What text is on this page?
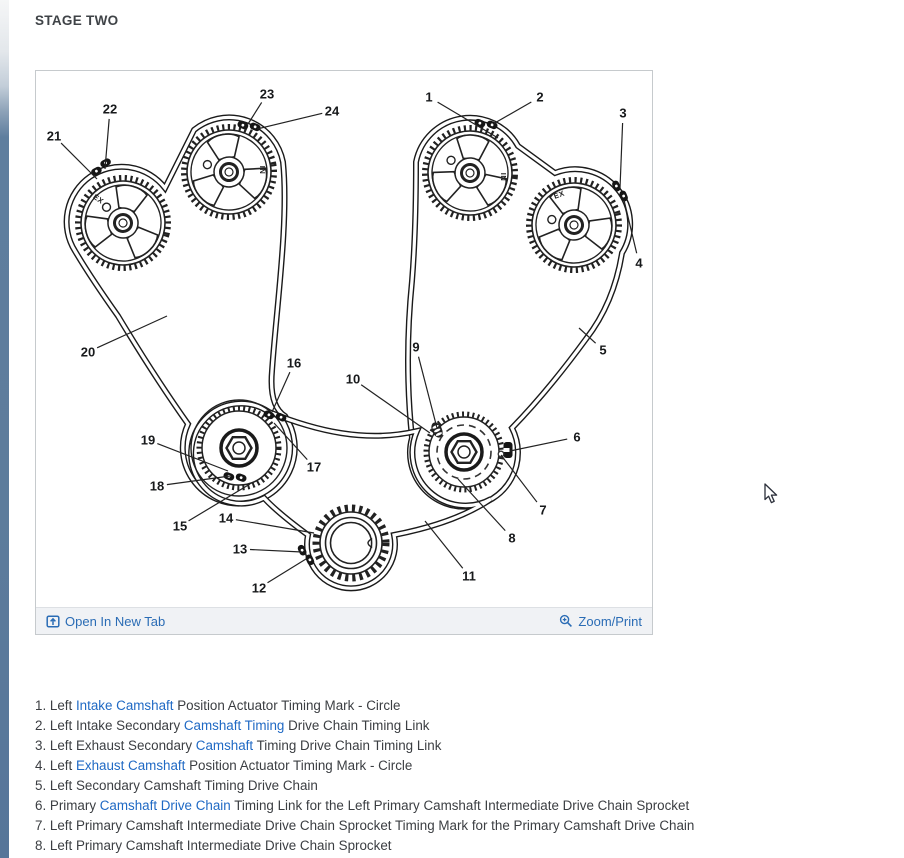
STAGE TWO
EX
IN
IN
EX
1	2
3
4
5
6
7
8
9
10
11
12
13
14
15
16
17
18
19
20
21
22
23
24
Open In New Tab	Zoom/Print
1. Left Intake Camshaft Position Actuator Timing Mark - Circle
2. Left Intake Secondary Camshaft Timing Drive Chain Timing Link
3. Left Exhaust Secondary Camshaft Timing Drive Chain Timing Link
4. Left Exhaust Camshaft Position Actuator Timing Mark - Circle
5. Left Secondary Camshaft Timing Drive Chain
6. Primary Camshaft Drive Chain Timing Link for the Left Primary Camshaft Intermediate Drive Chain Sprocket
7. Left Primary Camshaft Intermediate Drive Chain Sprocket Timing Mark for the Primary Camshaft Drive Chain
8. Left Primary Camshaft Intermediate Drive Chain Sprocket
